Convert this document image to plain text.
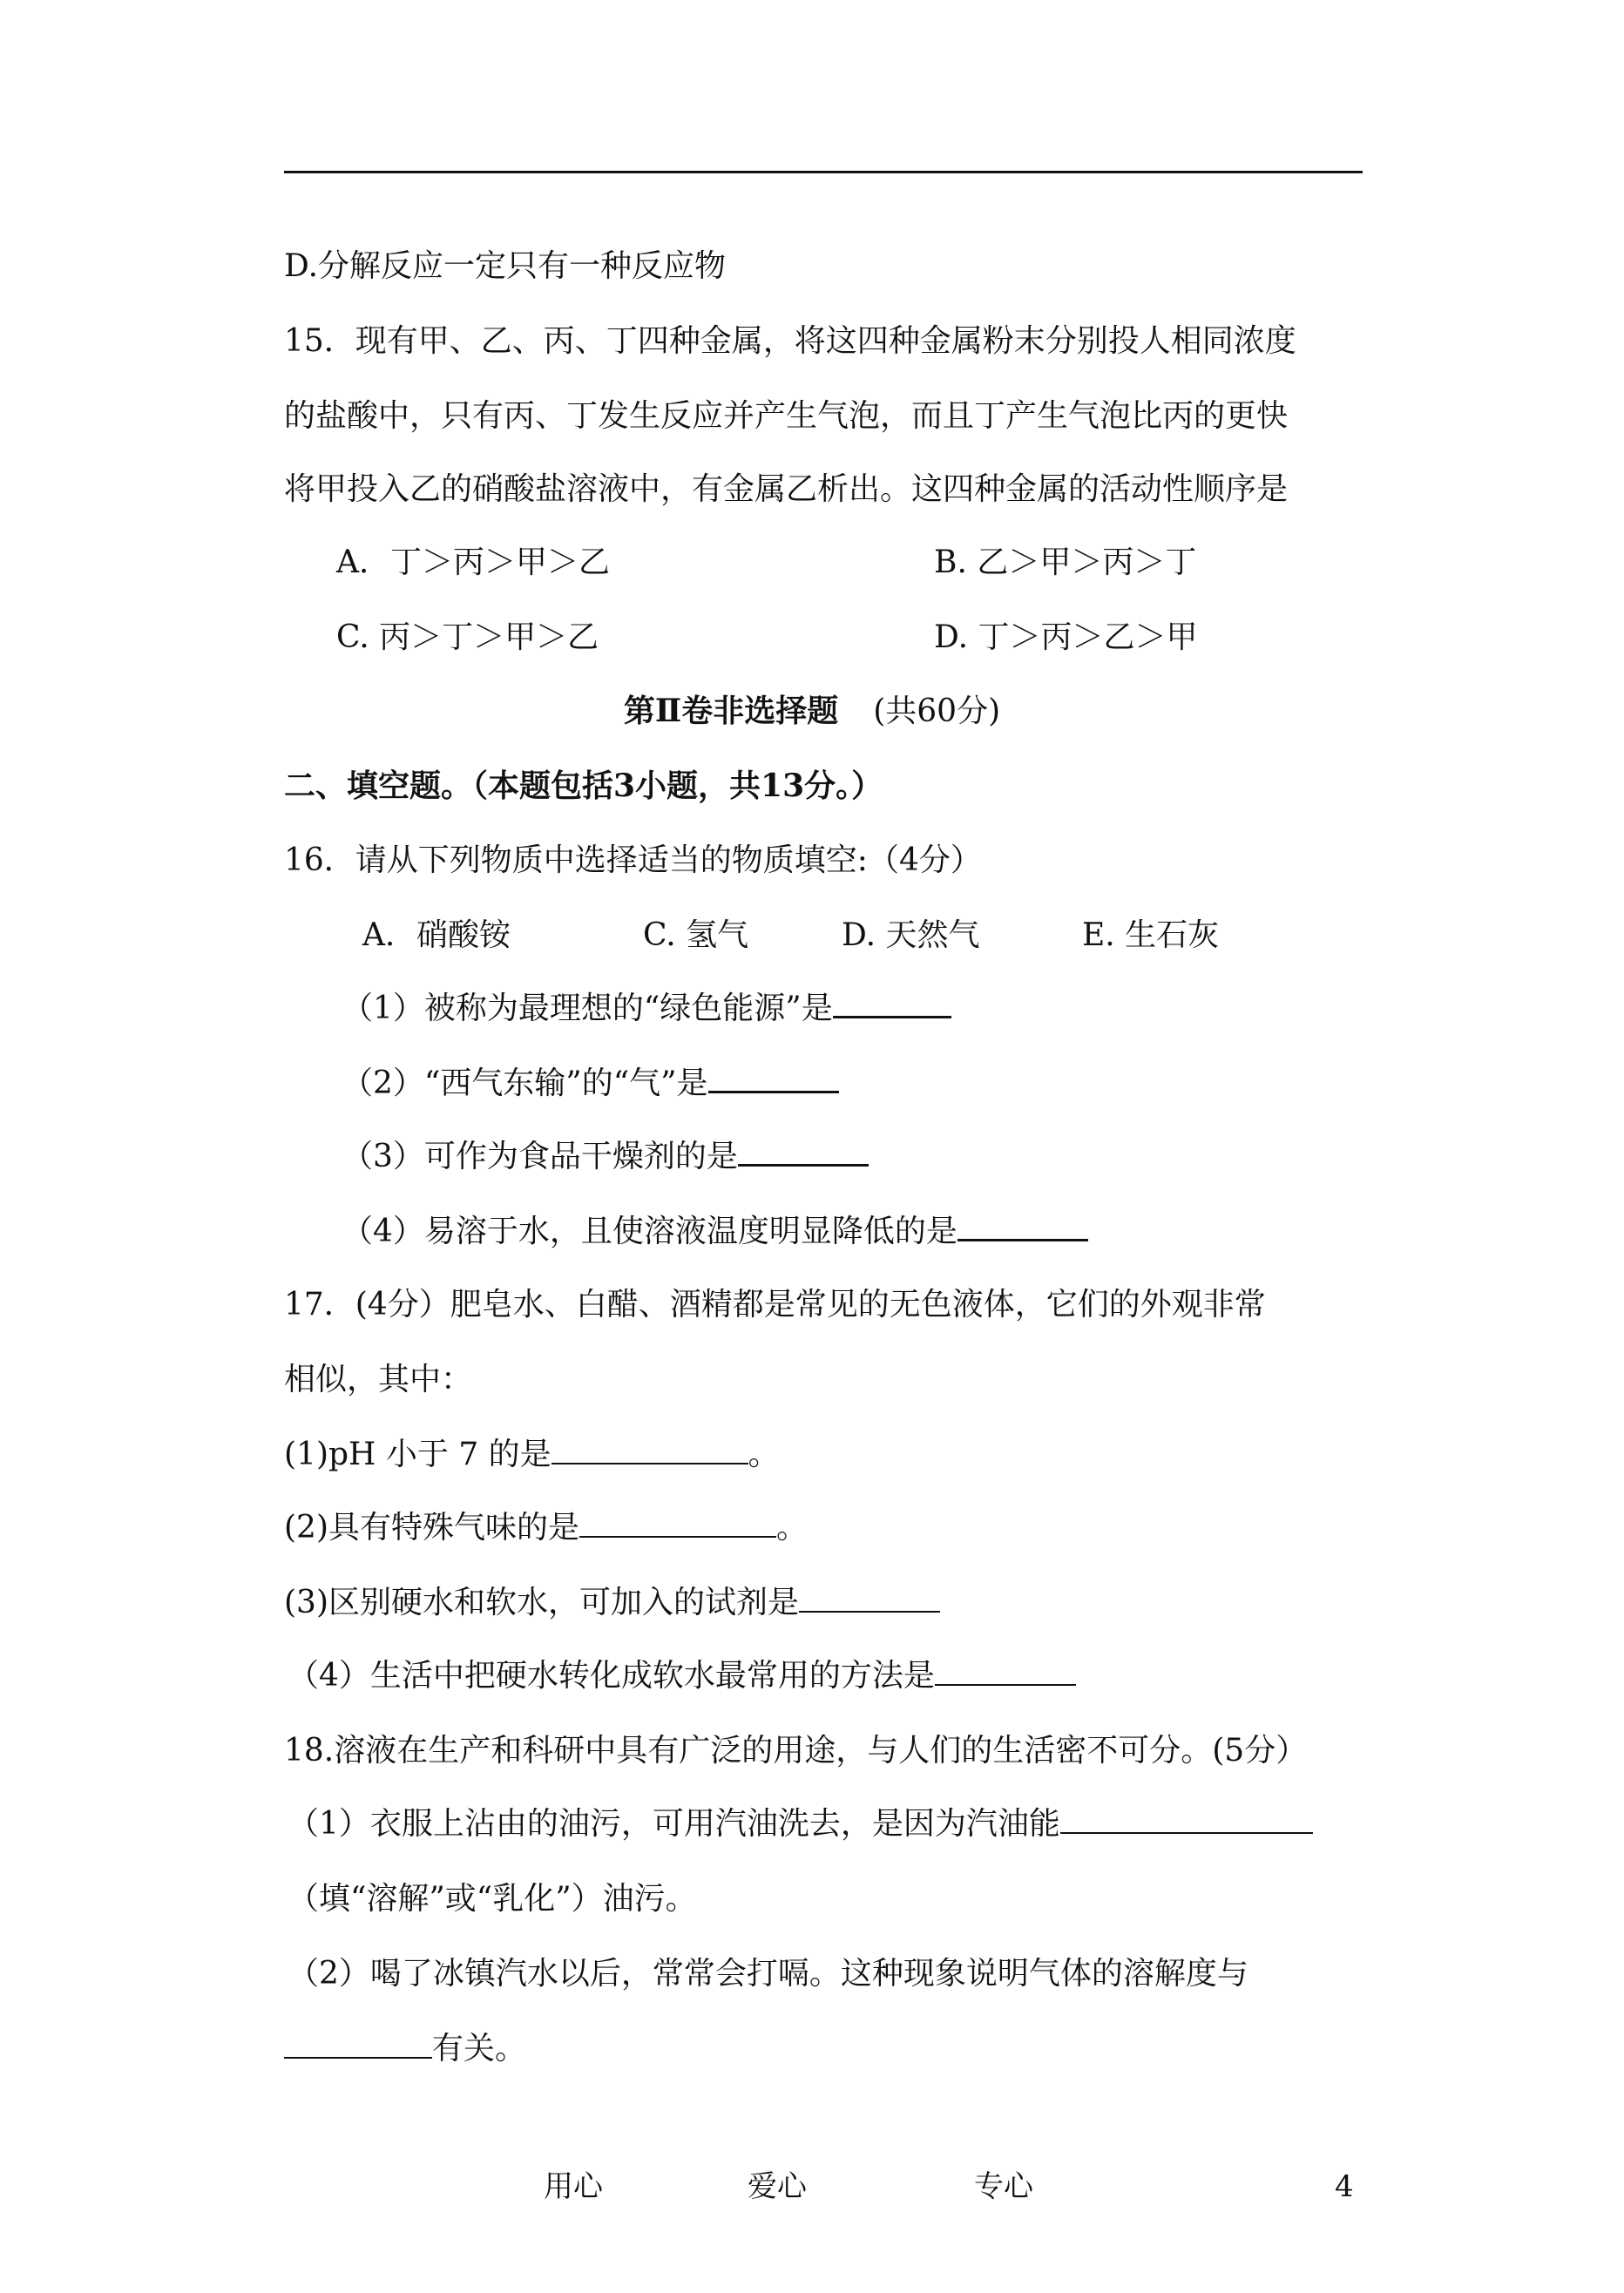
D.分解反应一定只有一种反应物
15．现有甲、乙、丙、丁四种金属，将这四种金属粉末分别投人相同浓度
的盐酸中，只有丙、丁发生反应并产生气泡，而且丁产生气泡比丙的更快
将甲投入乙的硝酸盐溶液中，有金属乙析出。这四种金属的活动性顺序是
A．丁＞丙＞甲＞乙	B. 乙＞甲＞丙＞丁
C. 丙＞丁＞甲＞乙	D. 丁＞丙＞乙＞甲
第Ⅱ卷非选择题 (共60分)
二、填空题。（本题包括3小题，共13分。）
16．请从下列物质中选择适当的物质填空:（4分）
A．硝酸铵	C. 氢气	D. 天然气	E. 生石灰
（1）被称为最理想的“绿色能源”是
（2）“西气东输”的“气”是
（3）可作为食品干燥剂的是
（4）易溶于水，且使溶液温度明显降低的是
17．(4分）肥皂水、白醋、酒精都是常见的无色液体，它们的外观非常
相似，其中：
(1)pH 小于 7 的是	。
(2)具有特殊气味的是	。
(3)区别硬水和软水，可加入的试剂是
（4）生活中把硬水转化成软水最常用的方法是
18.溶液在生产和科研中具有广泛的用途，与人们的生活密不可分。(5分）
（1）衣服上沾由的油污，可用汽油洗去，是因为汽油能
（填“溶解”或“乳化”）油污。
（2）喝了冰镇汽水以后，常常会打嗝。这种现象说明气体的溶解度与
有关。
用心	爱心	专心	4
